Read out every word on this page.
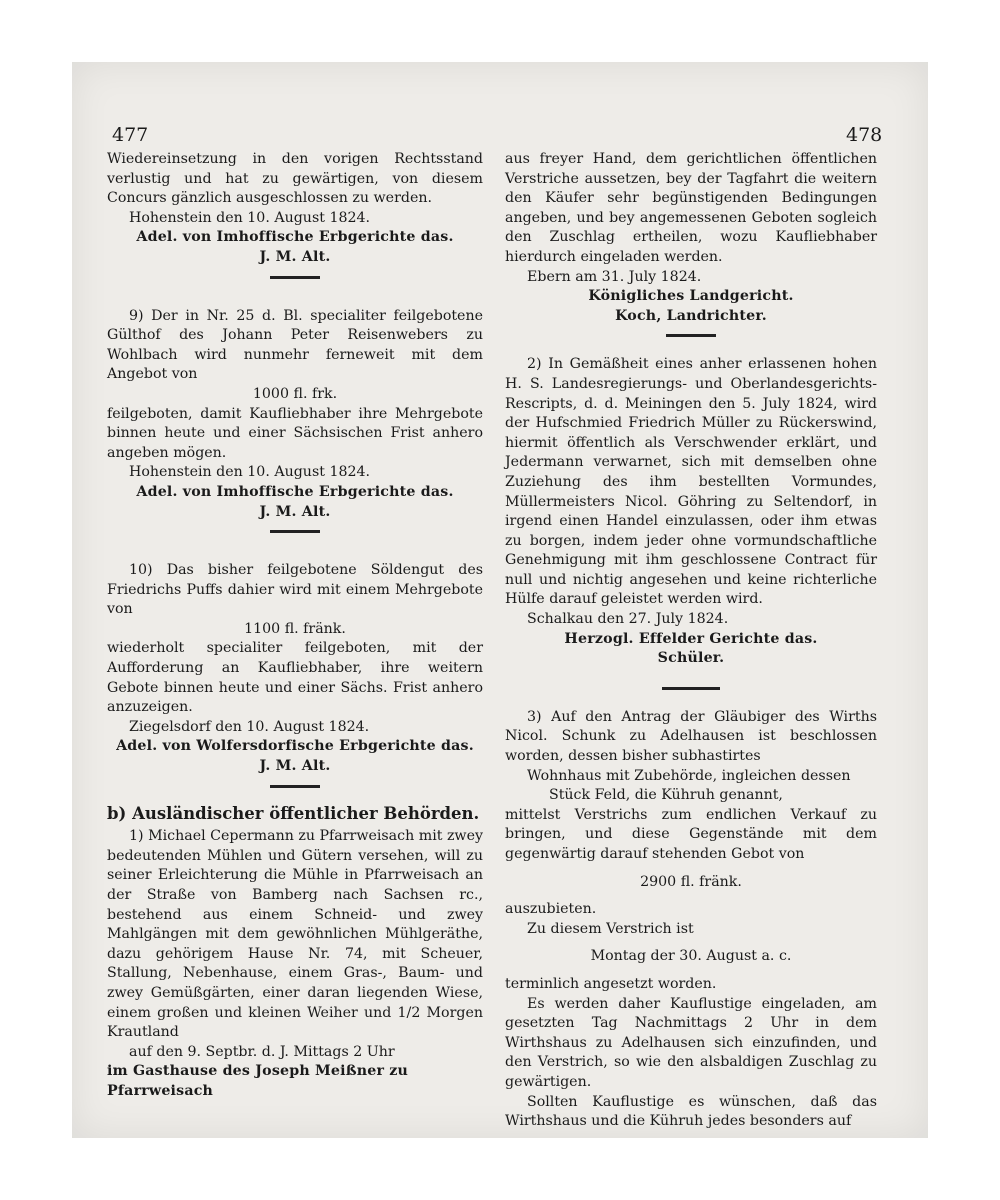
477	478

Wiedereinsetzung in den vorigen Rechtsstand verlustig und hat zu gewärtigen, von diesem Concurs gänzlich ausgeschlossen zu werden.

Hohenstein den 10. August 1824.

Adel. von Imhoffische Erbgerichte das.

J. M. Alt.

9) Der in Nr. 25 d. Bl. specialiter feilgebotene Gülthof des Johann Peter Reisenwebers zu Wohlbach wird nunmehr ferneweit mit dem Angebot von

1000 fl. frk.

feilgeboten, damit Kaufliebhaber ihre Mehrgebote binnen heute und einer Sächsischen Frist anhero angeben mögen.

Hohenstein den 10. August 1824.

Adel. von Imhoffische Erbgerichte das.

J. M. Alt.

10) Das bisher feilgebotene Söldengut des Friedrichs Puffs dahier wird mit einem Mehrgebote von

1100 fl. fränk.

wiederholt specialiter feilgeboten, mit der Aufforderung an Kaufliebhaber, ihre weitern Gebote binnen heute und einer Sächs. Frist anhero anzuzeigen.

Ziegelsdorf den 10. August 1824.

Adel. von Wolfersdorfische Erbgerichte das.

J. M. Alt.

b) Ausländischer öffentlicher Behörden.

1) Michael Cepermann zu Pfarrweisach mit zwey bedeutenden Mühlen und Gütern versehen, will zu seiner Erleichterung die Mühle in Pfarrweisach an der Straße von Bamberg nach Sachsen rc., bestehend aus einem Schneid- und zwey Mahlgängen mit dem gewöhnlichen Mühlgeräthe, dazu gehörigem Hause Nr. 74, mit Scheuer, Stallung, Nebenhause, einem Gras-, Baum- und zwey Gemüßgärten, einer daran liegenden Wiese, einem großen und kleinen Weiher und 1/2 Morgen Krautland

auf den 9. Septbr. d. J. Mittags 2 Uhr

im Gasthause des Joseph Meißner zu Pfarrweisach

aus freyer Hand, dem gerichtlichen öffentlichen Verstriche aussetzen, bey der Tagfahrt die weitern den Käufer sehr begünstigenden Bedingungen angeben, und bey angemessenen Geboten sogleich den Zuschlag ertheilen, wozu Kaufliebhaber hierdurch eingeladen werden.

Ebern am 31. July 1824.

Königliches Landgericht.

Koch, Landrichter.

2) In Gemäßheit eines anher erlassenen hohen H. S. Landesregierungs- und Oberlandesgerichts-Rescripts, d. d. Meiningen den 5. July 1824, wird der Hufschmied Friedrich Müller zu Rückerswind, hiermit öffentlich als Verschwender erklärt, und Jedermann verwarnet, sich mit demselben ohne Zuziehung des ihm bestellten Vormundes, Müllermeisters Nicol. Göhring zu Seltendorf, in irgend einen Handel einzulassen, oder ihm etwas zu borgen, indem jeder ohne vormundschaftliche Genehmigung mit ihm geschlossene Contract für null und nichtig angesehen und keine richterliche Hülfe darauf geleistet werden wird.

Schalkau den 27. July 1824.

Herzogl. Effelder Gerichte das.

Schüler.

3) Auf den Antrag der Gläubiger des Wirths Nicol. Schunk zu Adelhausen ist beschlossen worden, dessen bisher subhastirtes

Wohnhaus mit Zubehörde, ingleichen dessen

Stück Feld, die Kühruh genannt,

mittelst Verstrichs zum endlichen Verkauf zu bringen, und diese Gegenstände mit dem gegenwärtig darauf stehenden Gebot von

2900 fl. fränk.

auszubieten.

Zu diesem Verstrich ist

Montag der 30. August a. c.

terminlich angesetzt worden.

Es werden daher Kauflustige eingeladen, am gesetzten Tag Nachmittags 2 Uhr in dem Wirthshaus zu Adelhausen sich einzufinden, und den Verstrich, so wie den alsbaldigen Zuschlag zu gewärtigen.

Sollten Kauflustige es wünschen, daß das Wirthshaus und die Kühruh jedes besonders auf
